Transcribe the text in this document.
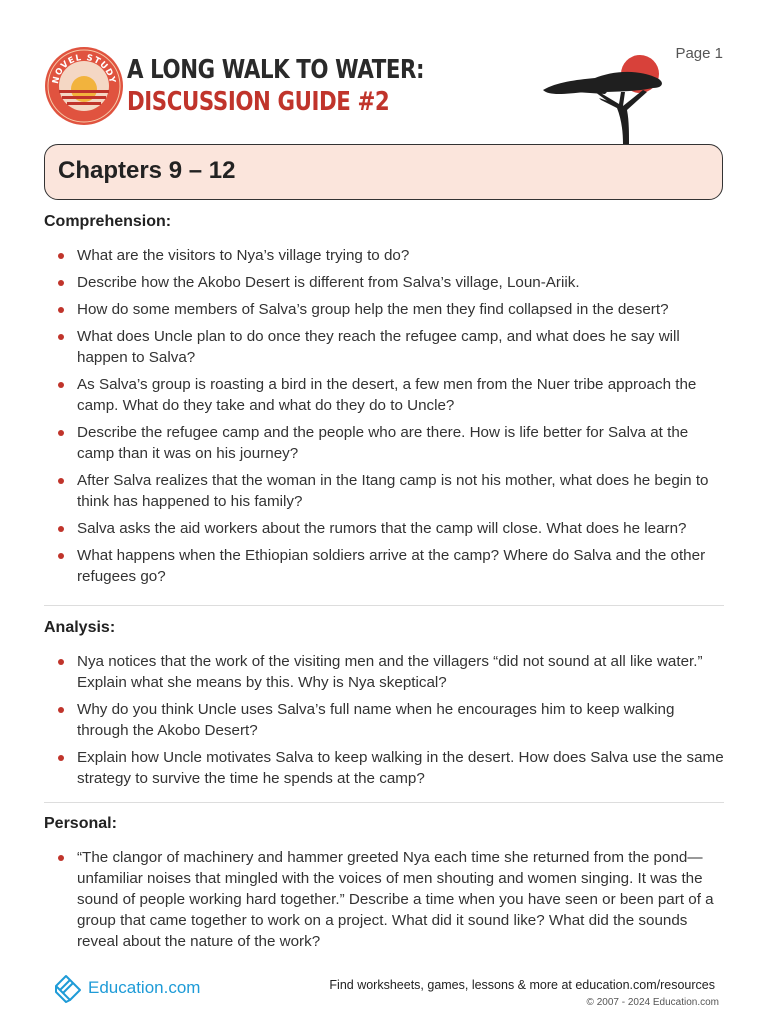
Page 1
NOVEL STUDY A LONG WALK TO WATER:
DISCUSSION GUIDE #2
Chapters 9 – 12
Comprehension:
What are the visitors to Nya’s village trying to do?
Describe how the Akobo Desert is different from Salva’s village, Loun-Ariik.
How do some members of Salva’s group help the men they find collapsed in the desert?
What does Uncle plan to do once they reach the refugee camp, and what does he say will happen to Salva?
As Salva’s group is roasting a bird in the desert, a few men from the Nuer tribe approach the camp. What do they take and what do they do to Uncle?
Describe the refugee camp and the people who are there. How is life better for Salva at the camp than it was on his journey?
After Salva realizes that the woman in the Itang camp is not his mother, what does he begin to think has happened to his family?
Salva asks the aid workers about the rumors that the camp will close. What does he learn?
What happens when the Ethiopian soldiers arrive at the camp? Where do Salva and the other refugees go?
Analysis:
Nya notices that the work of the visiting men and the villagers “did not sound at all like water.” Explain what she means by this. Why is Nya skeptical?
Why do you think Uncle uses Salva’s full name when he encourages him to keep walking through the Akobo Desert?
Explain how Uncle motivates Salva to keep walking in the desert. How does Salva use the same strategy to survive the time he spends at the camp?
Personal:
“The clangor of machinery and hammer greeted Nya each time she returned from the pond—unfamiliar noises that mingled with the voices of men shouting and women singing. It was the sound of people working hard together.” Describe a time when you have seen or been part of a group that came together to work on a project. What did it sound like? What did the sounds reveal about the nature of the work?
Education.com	Find worksheets, games, lessons & more at education.com/resources
© 2007 - 2024 Education.com
